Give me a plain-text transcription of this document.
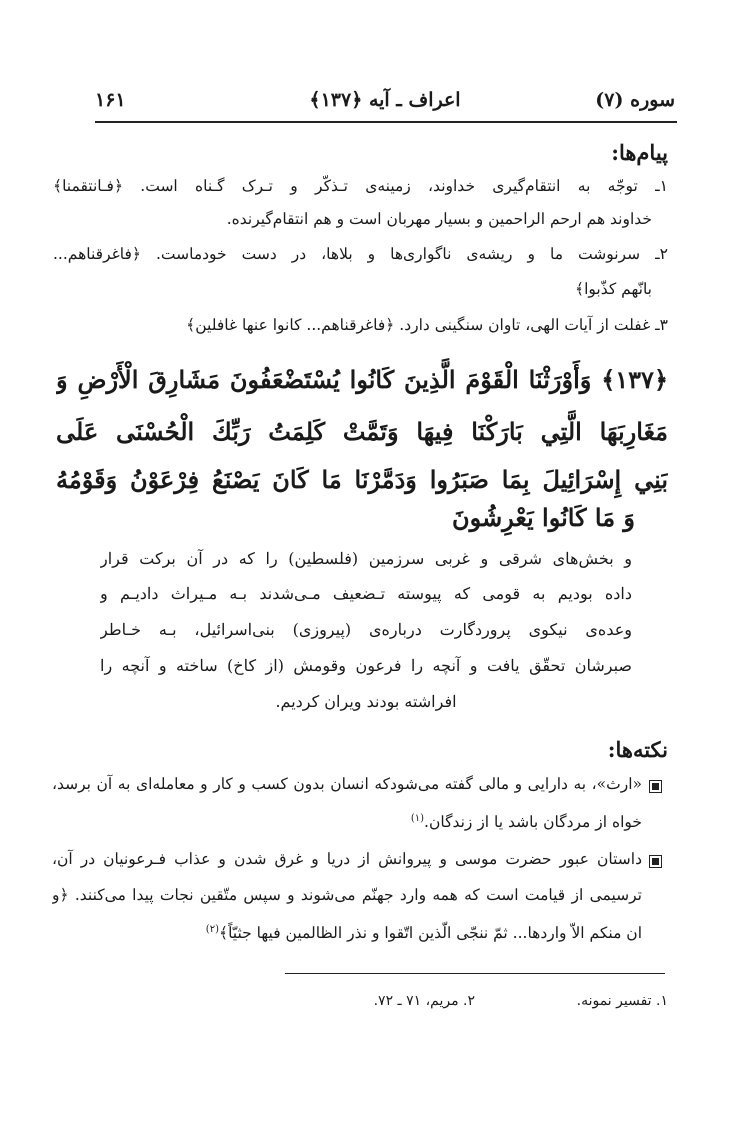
سوره (۷)
اعراف ـ آيه ﴿۱۳۷﴾
۱۶۱
پيام‌ها:
۱ـ توجّه به انتقام‌گيرى خداوند، زمينه‌ى تـذكّر و تـرک گـناه است. ﴿فـانتقمنا﴾
خداوند هم ارحم الراحمين و بسيار مهربان است و هم انتقام‌گيرنده.
۲ـ سرنوشت ما و ريشه‌ى ناگوارى‌ها و بلاها، در دست خودماست. ﴿فاغرقناهم...
بانّهم كذّبوا﴾
۳ـ غفلت از آيات الهى، تاوان سنگينى دارد. ﴿فاغرقناهم... كانوا عنها غافلين﴾
﴿۱۳۷﴾ وَأَوْرَثْنَا الْقَوْمَ الَّذِينَ كَانُوا يُسْتَضْعَفُونَ مَشَارِقَ الْأَرْضِ وَ
مَغَارِبَهَا الَّتِي بَارَكْنَا فِيهَا وَتَمَّتْ كَلِمَتُ رَبِّكَ الْحُسْنَى عَلَى
بَنِي إِسْرَائِيلَ بِمَا صَبَرُوا وَدَمَّرْنَا مَا كَانَ يَصْنَعُ فِرْعَوْنُ وَقَوْمُهُ
وَ مَا كَانُوا يَعْرِشُونَ
و بخش‌هاى شرقى و غربى سرزمين (فلسطين) را كه در آن بركت قرار
داده بوديم به قومى كه پيوسته تـضعيف مـى‌شدند بـه مـيراث داديـم و
وعده‌ى نيكوى پروردگارت درباره‌ى (پيروزى) بنى‌اسرائيل، بـه خـاطر
صبرشان تحقّق يافت و آنچه را فرعون وقومش (از كاخ) ساخته و آنچه را
افراشته بودند ويران كرديم.
نكته‌ها:
«ارث»، به دارايى و مالى گفته مى‌شودكه انسان بدون كسب و كار و معامله‌اى به آن برسد،
خواه از مردگان باشد يا از زندگان.$^{(۱)}$
داستان عبور حضرت موسى و پيروانش از دريا و غرق شدن و عذاب فـرعونيان در آن،
ترسيمى از قيامت است كه همه وارد جهنّم مى‌شوند و سپس متّقين نجات پيدا مى‌كنند. ﴿و
ان منكم الاّ واردها... ثمّ ننجّى الّذين اتّقوا و نذر الظالمين فيها جثيّاً﴾$^{(۲)}$
۱. تفسير نمونه.
۲. مريم، ۷۱ ـ ۷۲.
